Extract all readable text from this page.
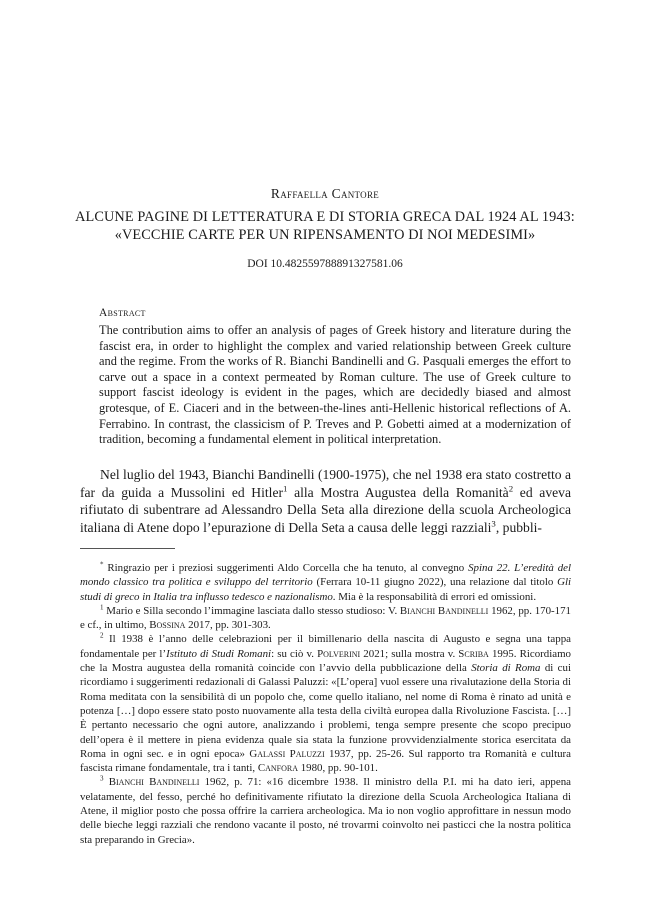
Raffaella Cantore
ALCUNE PAGINE DI LETTERATURA E DI STORIA GRECA DAL 1924 AL 1943:
«VECCHIE CARTE PER UN RIPENSAMENTO DI NOI MEDESIMI»
DOI 10.482559788891327581.06
Abstract

The contribution aims to offer an analysis of pages of Greek history and literature during the fascist era, in order to highlight the complex and varied relationship between Greek culture and the regime. From the works of R. Bianchi Bandinelli and G. Pasquali emerges the effort to carve out a space in a context permeated by Roman culture. The use of Greek culture to support fascist ideology is evident in the pages, which are decidedly biased and almost grotesque, of E. Ciaceri and in the between-the-lines anti-Hellenic historical reflections of A. Ferrabino. In contrast, the classicism of P. Treves and P. Gobetti aimed at a modernization of tradition, becoming a fundamental element in political interpretation.

Nel luglio del 1943, Bianchi Bandinelli (1900-1975), che nel 1938 era stato costretto a far da guida a Mussolini ed Hitler$^1$ alla Mostra Augustea della Romanità$^2$ ed aveva rifiutato di subentrare ad Alessandro Della Seta alla direzione della scuola Archeologica italiana di Atene dopo l’epurazione di Della Seta a causa delle leggi razziali$^3$, pubbli-

* Ringrazio per i preziosi suggerimenti Aldo Corcella che ha tenuto, al convegno Spina 22. L’eredità del mondo classico tra politica e sviluppo del territorio (Ferrara 10-11 giugno 2022), una relazione dal titolo Gli studi di greco in Italia tra influsso tedesco e nazionalismo. Mia è la responsabilità di errori ed omissioni.

$^1$ Mario e Silla secondo l’immagine lasciata dallo stesso studioso: V. Bianchi Bandinelli 1962, pp. 170-171 e cf., in ultimo, Bossina 2017, pp. 301-303.

$^2$ Il 1938 è l’anno delle celebrazioni per il bimillenario della nascita di Augusto e segna una tappa fondamentale per l’Istituto di Studi Romani: su ciò v. Polverini 2021; sulla mostra v. Scriba 1995. Ricordiamo che la Mostra augustea della romanità coincide con l’avvio della pubblicazione della Storia di Roma di cui ricordiamo i suggerimenti redazionali di Galassi Paluzzi: «[L’opera] vuol essere una rivalutazione della Storia di Roma meditata con la sensibilità di un popolo che, come quello italiano, nel nome di Roma è rinato ad unità e potenza […] dopo essere stato posto nuovamente alla testa della civiltà europea dalla Rivoluzione Fascista. […] È pertanto necessario che ogni autore, analizzando i problemi, tenga sempre presente che scopo precipuo dell’opera è il mettere in piena evidenza quale sia stata la funzione provvidenzialmente storica esercitata da Roma in ogni sec. e in ogni epoca» Galassi Paluzzi 1937, pp. 25-26. Sul rapporto tra Romanità e cultura fascista rimane fondamentale, tra i tanti, Canfora 1980, pp. 90-101.

$^3$ Bianchi Bandinelli 1962, p. 71: «16 dicembre 1938. Il ministro della P.I. mi ha dato ieri, appena velatamente, del fesso, perché ho definitivamente rifiutato la direzione della Scuola Archeologica Italiana di Atene, il miglior posto che possa offrire la carriera archeologica. Ma io non voglio approfittare in nessun modo delle bieche leggi razziali che rendono vacante il posto, né trovarmi coinvolto nei pasticci che la nostra politica sta preparando in Grecia».
